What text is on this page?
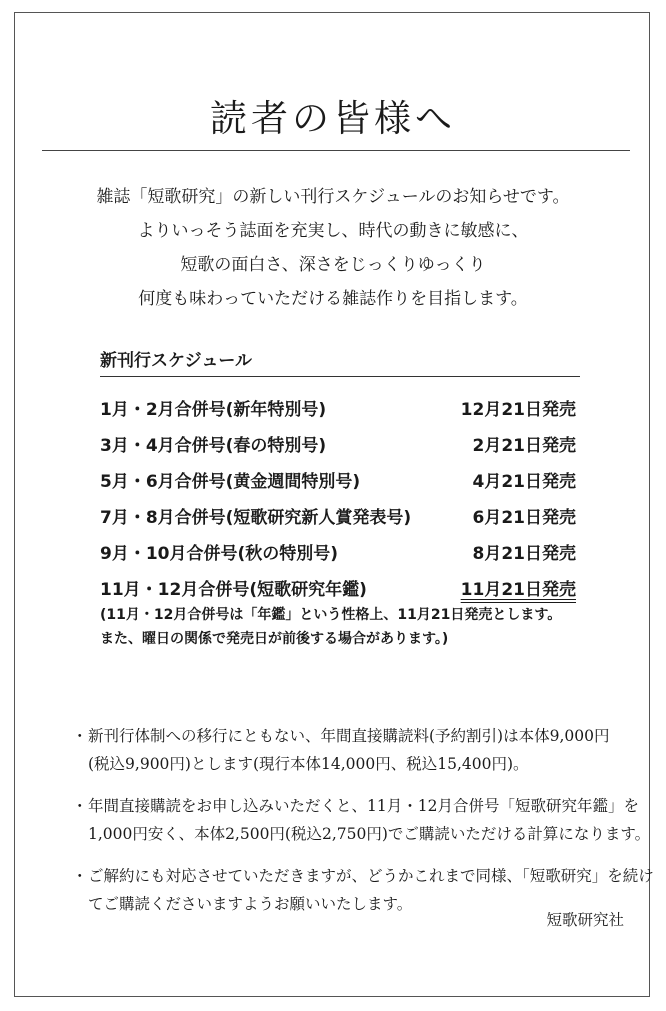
読者の皆様へ

雑誌「短歌研究」の新しい刊行スケジュールのお知らせです。

よりいっそう誌面を充実し、時代の動きに敏感に、

短歌の面白さ、深さをじっくりゆっくり

何度も味わっていただける雑誌作りを目指します。

新刊行スケジュール
1月・2月合併号(新年特別号)	12月21日発売
3月・4月合併号(春の特別号)	2月21日発売
5月・6月合併号(黄金週間特別号)	4月21日発売
7月・8月合併号(短歌研究新人賞発表号)	6月21日発売
9月・10月合併号(秋の特別号)	8月21日発売
11月・12月合併号(短歌研究年鑑)	11月21日発売

(11月・12月合併号は「年鑑」という性格上、11月21日発売とします。

また、曜日の関係で発売日が前後する場合があります。)

・ 新刊行体制への移行にともない、年間直接購読料(予約割引)は本体9,000円
(税込9,900円)とします(現行本体14,000円、税込15,400円)。
・ 年間直接購読をお申し込みいただくと、11月・12月合併号「短歌研究年鑑」を
1,000円安く、本体2,500円(税込2,750円)でご購読いただける計算になります。
・ ご解約にも対応させていただきますが、どうかこれまで同様、「短歌研究」を続け
てご購読くださいますようお願いいたします。
短歌研究社
